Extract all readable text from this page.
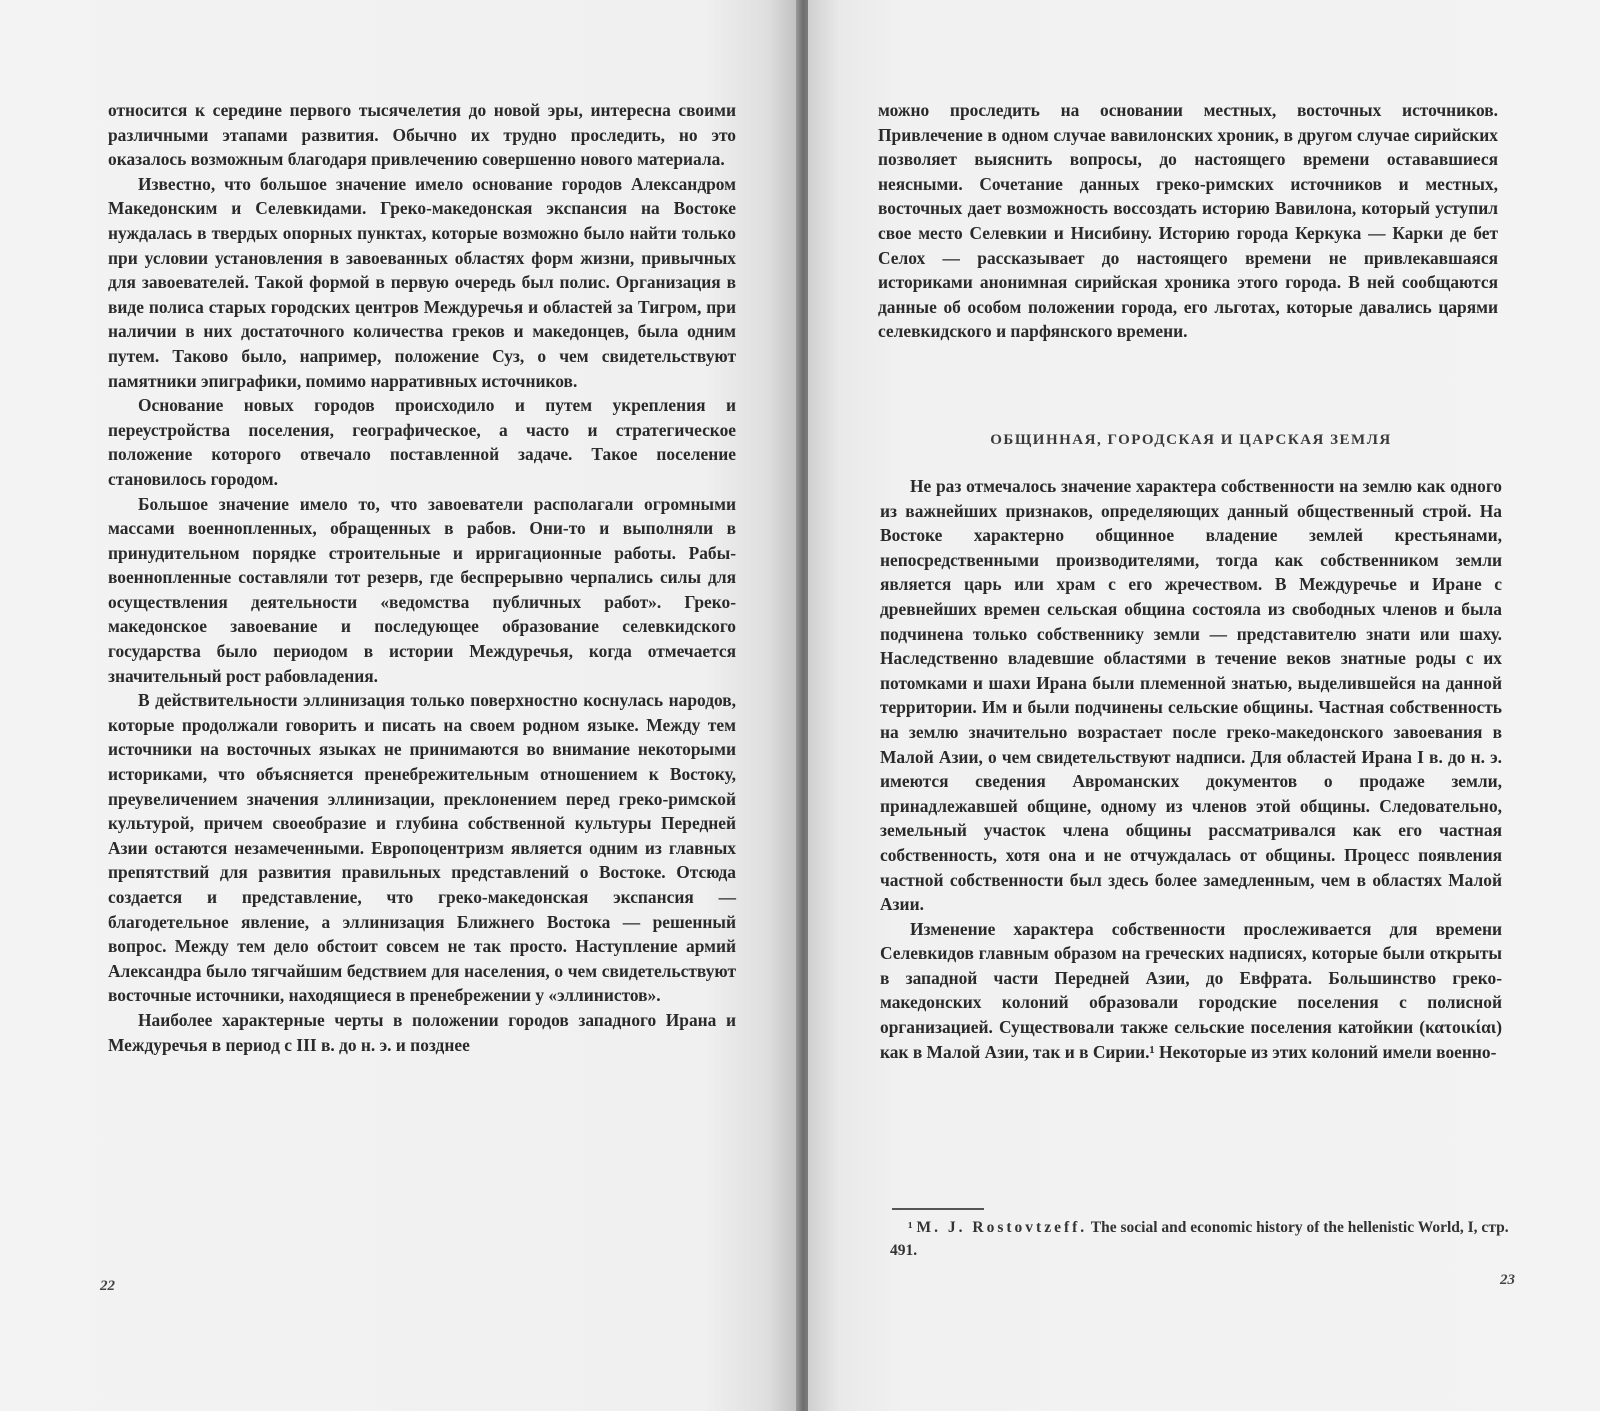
относится к середине первого тысячелетия до новой эры, интересна своими различными этапами развития. Обычно их трудно проследить, но это оказалось возможным благодаря привлечению совершенно нового материала.

Известно, что большое значение имело основание городов Александром Македонским и Селевкидами. Греко-македонская экспансия на Востоке нуждалась в твердых опорных пунктах, которые возможно было найти только при условии установления в завоеванных областях форм жизни, привычных для завоевателей. Такой формой в первую очередь был полис. Организация в виде полиса старых городских центров Междуречья и областей за Тигром, при наличии в них достаточного количества греков и македонцев, была одним путем. Таково было, например, положение Суз, о чем свидетельствуют памятники эпиграфики, помимо нарративных источников.

Основание новых городов происходило и путем укрепления и переустройства поселения, географическое, а часто и стратегическое положение которого отвечало поставленной задаче. Такое поселение становилось городом.

Большое значение имело то, что завоеватели располагали огромными массами военнопленных, обращенных в рабов. Они-то и выполняли в принудительном порядке строительные и ирригационные работы. Рабы-военнопленные составляли тот резерв, где беспрерывно черпались силы для осуществления деятельности «ведомства публичных работ». Греко-македонское завоевание и последующее образование селевкидского государства было периодом в истории Междуречья, когда отмечается значительный рост рабовладения.

В действительности эллинизация только поверхностно коснулась народов, которые продолжали говорить и писать на своем родном языке. Между тем источники на восточных языках не принимаются во внимание некоторыми историками, что объясняется пренебрежительным отношением к Востоку, преувеличением значения эллинизации, преклонением перед греко-римской культурой, причем своеобразие и глубина собственной культуры Передней Азии остаются незамеченными. Европоцентризм является одним из главных препятствий для развития правильных представлений о Востоке. Отсюда создается и представление, что греко-македонская экспансия — благодетельное явление, а эллинизация Ближнего Востока — решенный вопрос. Между тем дело обстоит совсем не так просто. Наступление армий Александра было тягчайшим бедствием для населения, о чем свидетельствуют восточные источники, находящиеся в пренебрежении у «эллинистов».

Наиболее характерные черты в положении городов западного Ирана и Междуречья в период с III в. до н. э. и позднее

22

можно проследить на основании местных, восточных источников. Привлечение в одном случае вавилонских хроник, в другом случае сирийских позволяет выяснить вопросы, до настоящего времени остававшиеся неясными. Сочетание данных греко-римских источников и местных, восточных дает возможность воссоздать историю Вавилона, который уступил свое место Селевкии и Нисибину. Историю города Керкука — Карки де бет Селох — рассказывает до настоящего времени не привлекавшаяся историками анонимная сирийская хроника этого города. В ней сообщаются данные об особом положении города, его льготах, которые давались царями селевкидского и парфянского времени.

ОБЩИННАЯ, ГОРОДСКАЯ И ЦАРСКАЯ ЗЕМЛЯ

Не раз отмечалось значение характера собственности на землю как одного из важнейших признаков, определяющих данный общественный строй. На Востоке характерно общинное владение землей крестьянами, непосредственными производителями, тогда как собственником земли является царь или храм с его жречеством. В Междуречье и Иране с древнейших времен сельская община состояла из свободных членов и была подчинена только собственнику земли — представителю знати или шаху. Наследственно владевшие областями в течение веков знатные роды с их потомками и шахи Ирана были племенной знатью, выделившейся на данной территории. Им и были подчинены сельские общины. Частная собственность на землю значительно возрастает после греко-македонского завоевания в Малой Азии, о чем свидетельствуют надписи. Для областей Ирана I в. до н. э. имеются сведения Авроманских документов о продаже земли, принадлежавшей общине, одному из членов этой общины. Следовательно, земельный участок члена общины рассматривался как его частная собственность, хотя она и не отчуждалась от общины. Процесс появления частной собственности был здесь более замедленным, чем в областях Малой Азии.

Изменение характера собственности прослеживается для времени Селевкидов главным образом на греческих надписях, которые были открыты в западной части Передней Азии, до Евфрата. Большинство греко-македонских колоний образовали городские поселения с полисной организацией. Существовали также сельские поселения катойкии (κατοικίαι) как в Малой Азии, так и в Сирии.¹ Некоторые из этих колоний имели военно-

¹ M. J. Rostovtzeff. The social and economic history of the hellenistic World, I, стр. 491.
23
